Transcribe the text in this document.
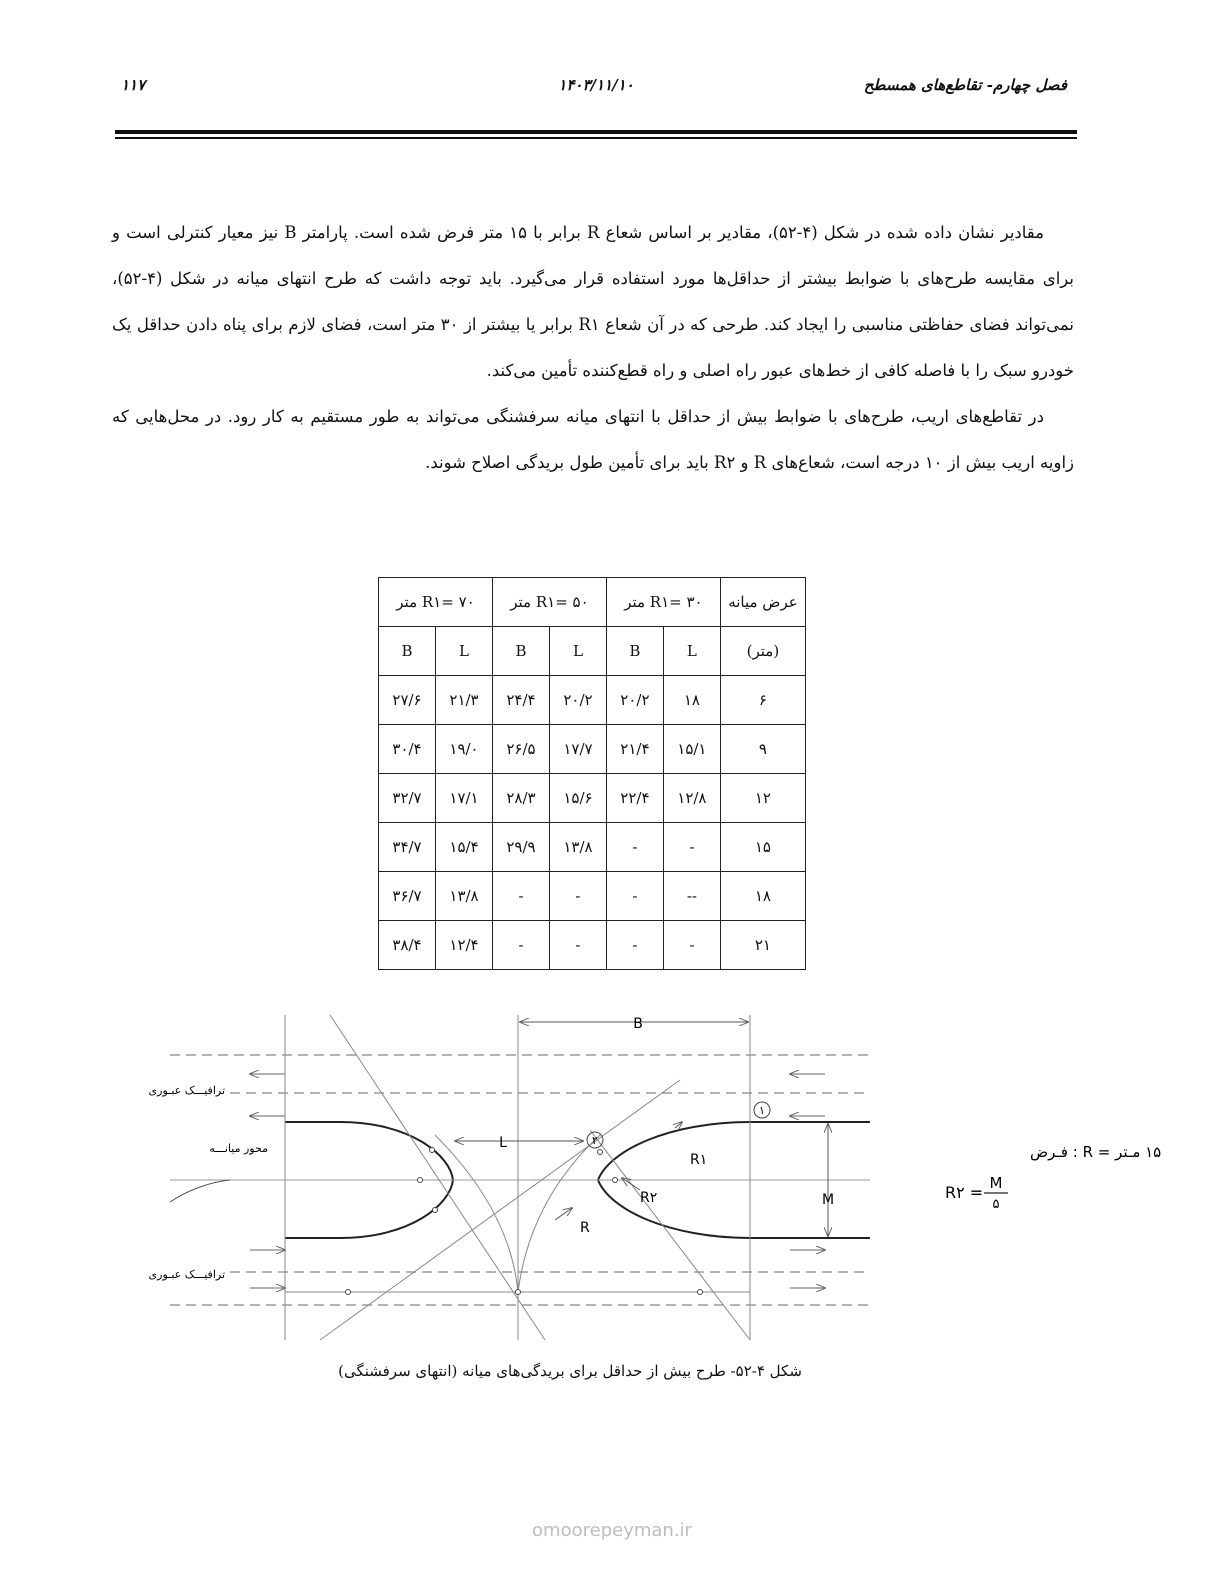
فصل چهارم- تقاطع‌های همسطح
۱۴۰۳/۱۱/۱۰
۱۱۷

مقادیر نشان داده شده در شکل (۴-۵۲)، مقادیر بر اساس شعاع R برابر با ۱۵ متر فرض شده است. پارامتر B نیز معیار کنترلی است و برای مقایسه طرح‌های با ضوابط بیشتر از حداقل‌ها مورد استفاده قرار می‌گیرد. باید توجه داشت که طرح انتهای میانه در شکل (۴-۵۲)، نمی‌تواند فضای حفاظتی مناسبی را ایجاد کند. طرحی که در آن شعاع R۱ برابر یا بیشتر از ۳۰ متر است، فضای لازم برای پناه دادن حداقل یک خودرو سبک را با فاصله کافی از خط‌های عبور راه اصلی و راه قطع‌کننده تأمین می‌کند.

در تقاطع‌های اریب، طرح‌های با ضوابط بیش از حداقل با انتهای میانه سرفشنگی می‌تواند به طور مستقیم به کار رود. در محل‌هایی که زاویه اریب بیش از ۱۰ درجه است، شعاع‌های R و R۲ باید برای تأمین طول بریدگی اصلاح شوند.

عرض میانه	R۱= ۳۰ متر		R۱= ۵۰ متر		R۱= ۷۰ متر	
(متر)	L	B	L	B	L	B
۶	۱۸	۲۰/۲	۲۰/۲	۲۴/۴	۲۱/۳	۲۷/۶
۹	۱۵/۱	۲۱/۴	۱۷/۷	۲۶/۵	۱۹/۰	۳۰/۴
۱۲	۱۲/۸	۲۲/۴	۱۵/۶	۲۸/۳	۱۷/۱	۳۲/۷
۱۵	-	-	۱۳/۸	۲۹/۹	۱۵/۴	۳۴/۷
۱۸	--	-	-	-	۱۳/۸	۳۶/۷
۲۱	-	-	-	-	۱۲/۴	۳۸/۴
B
L
M
R
R۱
R۲
۱
۲
ترافیـــک عبـوری
محور میانـــه
ترافیـــک عبـوری
۱۵ مـتر = R : فـرض
R۲ = M
۵
شکل ۴-۵۲- طرح بیش از حداقل برای بریدگی‌های میانه (انتهای سرفشنگی)
omoorepeyman.ir
